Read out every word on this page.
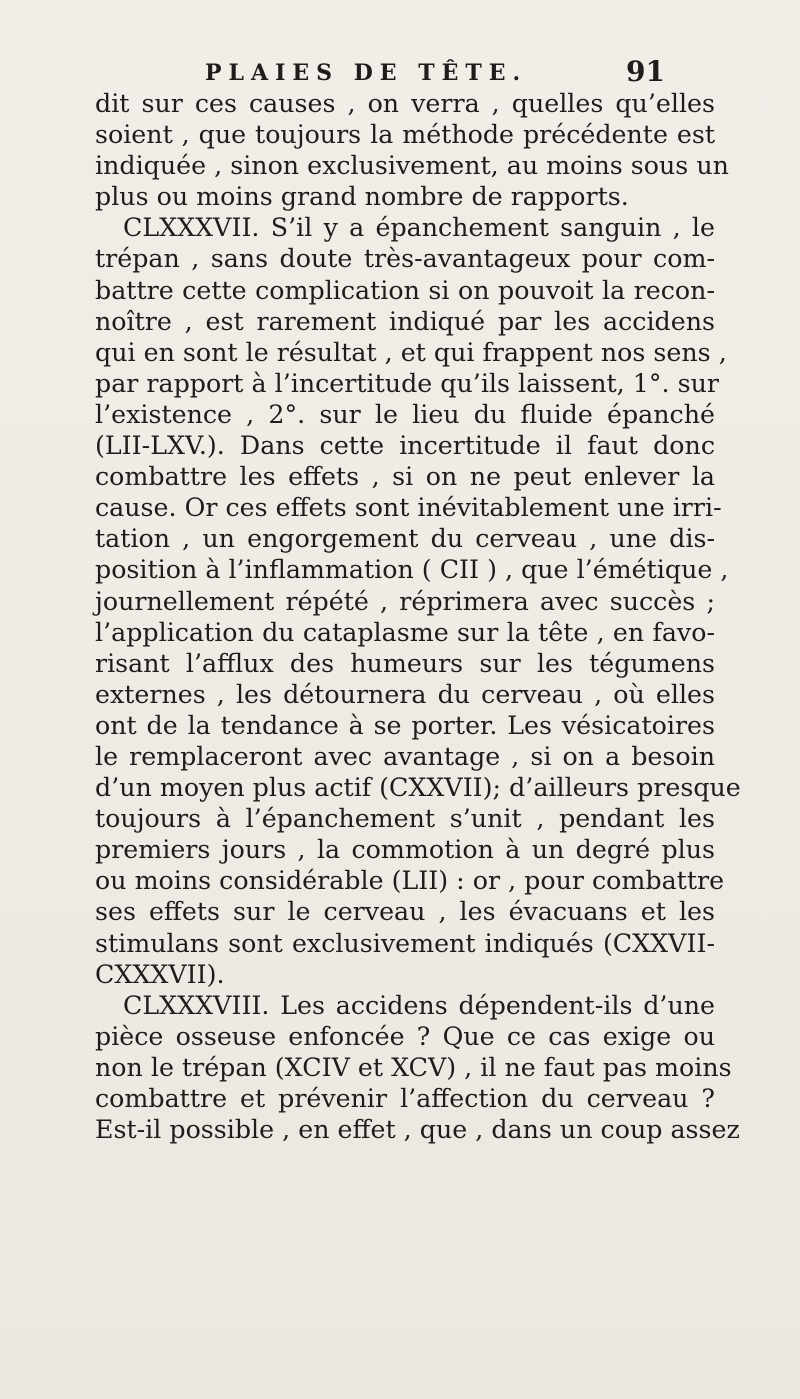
PLAIES DE TÊTE.	91
dit sur ces causes , on verra , quelles qu’elles
soient , que toujours la méthode précédente est
indiquée , sinon exclusivement, au moins sous un
plus ou moins grand nombre de rapports.
CLXXXVII. S’il y a épanchement sanguin , le
trépan , sans doute très-avantageux pour com-
battre cette complication si on pouvoit la recon-
noître , est rarement indiqué par les accidens
qui en sont le résultat , et qui frappent nos sens ,
par rapport à l’incertitude qu’ils laissent, 1°. sur
l’existence , 2°. sur le lieu du fluide épanché
(LII-LXV.). Dans cette incertitude il faut donc
combattre les effets , si on ne peut enlever la
cause. Or ces effets sont inévitablement une irri-
tation , un engorgement du cerveau , une dis-
position à l’inflammation ( CII ) , que l’émétique ,
journellement répété , réprimera avec succès ;
l’application du cataplasme sur la tête , en favo-
risant l’afflux des humeurs sur les tégumens
externes , les détournera du cerveau , où elles
ont de la tendance à se porter. Les vésicatoires
le remplaceront avec avantage , si on a besoin
d’un moyen plus actif (CXXVII); d’ailleurs presque
toujours à l’épanchement s’unit , pendant les
premiers jours , la commotion à un degré plus
ou moins considérable (LII) : or , pour combattre
ses effets sur le cerveau , les évacuans et les
stimulans sont exclusivement indiqués (CXXVII-
CXXXVII).
CLXXXVIII. Les accidens dépendent-ils d’une
pièce osseuse enfoncée ? Que ce cas exige ou
non le trépan (XCIV et XCV) , il ne faut pas moins
combattre et prévenir l’affection du cerveau ?
Est-il possible , en effet , que , dans un coup assez
